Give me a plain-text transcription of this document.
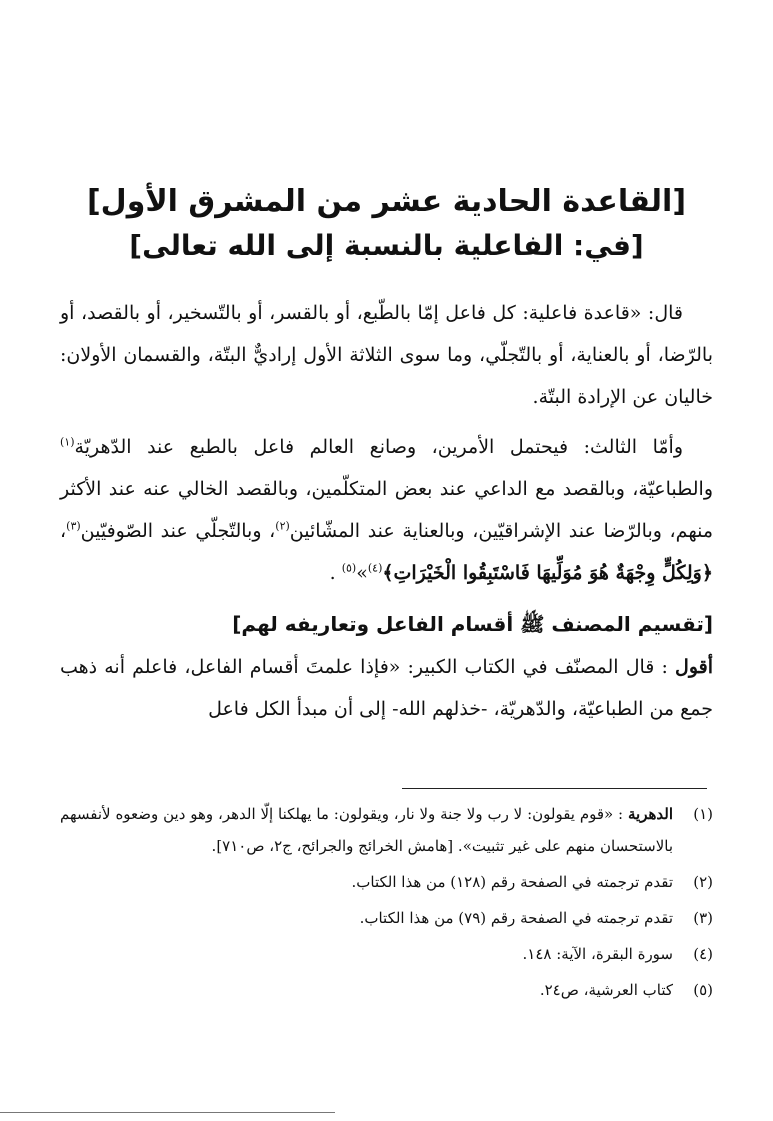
[القاعدة الحادية عشر من المشرق الأول]

[في: الفاعلية بالنسبة إلى الله تعالى]

قال: «قاعدة فاعلية: كل فاعل إمّا بالطّبع، أو بالقسر، أو بالتّسخير، أو بالقصد، أو بالرّضا، أو بالعناية، أو بالتّجلّي، وما سوى الثلاثة الأول إراديٌّ البتّة، والقسمان الأولان: خاليان عن الإرادة البتّة.

وأمّا الثالث: فيحتمل الأمرين، وصانع العالم فاعل بالطبع عند الدّهريّة$^{(١)}$ والطباعيّة، وبالقصد مع الداعي عند بعض المتكلّمين، وبالقصد الخالي عنه عند الأكثر منهم، وبالرّضا عند الإشراقيّين، وبالعناية عند المشّائين$^{(٢)}$، وبالتّجلّي عند الصّوفيّين$^{(٣)}$، ﴿وَلِكُلٍّ وِجْهَةٌ هُوَ مُوَلِّيهَا فَاسْتَبِقُوا الْخَيْرَاتِ﴾$^{(٤)}$»$^{(٥)}$ .

[تقسيم المصنف ﷺ أقسام الفاعل وتعاريفه لهم]

أقول : قال المصنّف في الكتاب الكبير: «فإذا علمتَ أقسام الفاعل، فاعلم أنه ذهب جمع من الطباعيّة، والدّهريّة، -خذلهم الله- إلى أن مبدأ الكل فاعل

(١)
الدهرية : «قوم يقولون: لا رب ولا جنة ولا نار، ويقولون: ما يهلكنا إلّا الدهر، وهو دين وضعوه لأنفسهم بالاستحسان منهم على غير تثبيت». [هامش الخرائج والجرائح، ج٢، ص٧١٠].

(٢)
تقدم ترجمته في الصفحة رقم (١٢٨) من هذا الكتاب.

(٣)
تقدم ترجمته في الصفحة رقم (٧٩) من هذا الكتاب.

(٤)
سورة البقرة، الآية: ١٤٨.

(٥)
كتاب العرشية، ص٢٤.
